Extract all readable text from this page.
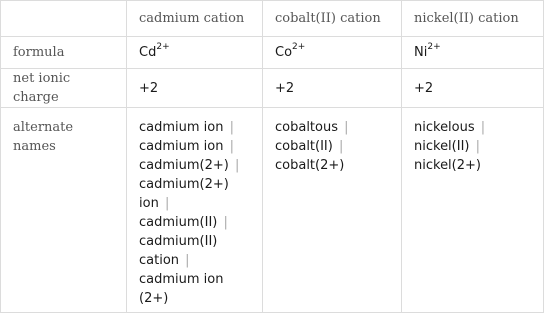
	cadmium cation	cobalt(II) cation	nickel(II) cation
formula	$Cd^{2+}$	$Co^{2+}$	$Ni^{2+}$
net ionic charge	+2	+2	+2
alternate names	cadmium ion | cadmium ion | cadmium(2+) | cadmium(2+) ion | cadmium(II) | cadmium(II) cation | cadmium ion (2+)	cobaltous | cobalt(II) | cobalt(2+)	nickelous | nickel(II) | nickel(2+)
